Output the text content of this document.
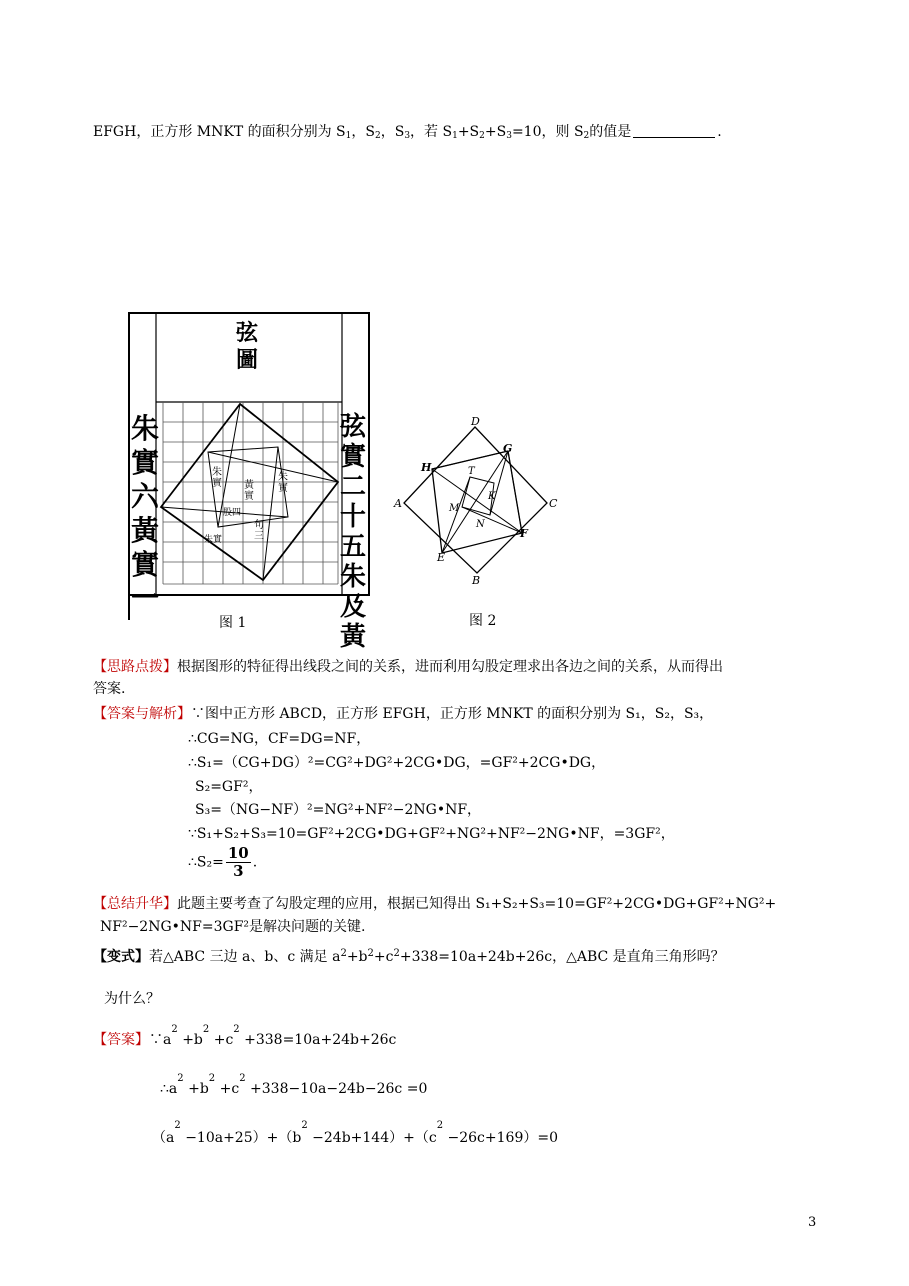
EFGH，正方形 MNKT 的面积分别为 $S_1$，$S_2$，$S_3$，若 $S_1+S_2+S_3=10$，则 $S_2$的值是	.
弦圖
朱實六黃實一
弦實二十五朱及黃
朱實 黃實
朱實
股四
句三
朱實
图 1
D
G
H	T
K
A	C
M
N
F
E
B
图 2
【思路点拨】根据图形的特征得出线段之间的关系，进而利用勾股定理求出各边之间的关系，从而得出
答案.
【答案与解析】∵图中正方形 ABCD，正方形 EFGH，正方形 MNKT 的面积分别为 S₁，S₂，S₃，
∴CG=NG，CF=DG=NF，
∴S₁=（CG+DG）²=CG²+DG²+2CG•DG，=GF²+2CG•DG，
S₂=GF²，
S₃=（NG−NF）²=NG²+NF²−2NG•NF，
∵S₁+S₂+S₃=10=GF²+2CG•DG+GF²+NG²+NF²−2NG•NF，=3GF²，
∴S₂= $\frac{10}{3}$ .
【总结升华】此题主要考查了勾股定理的应用，根据已知得出 S₁+S₂+S₃=10=GF²+2CG•DG+GF²+NG²+
NF²−2NG•NF=3GF²是解决问题的关键.
【变式】若△ABC 三边 a、b、c 满足 $a^2+b^2+c^2+338=10a+24b+26c$，△ABC 是直角三角形吗？
为什么？
【答案】$\because a^2 +b^2 +c^2 +338=10a+24b+26c$
$\therefore a^2 +b^2 +c^2 +338-10a-24b-26c =0$
$(a^2 -10a+25)+(b^2 -24b+144)+(c^2 -26c+169)=0$
3
